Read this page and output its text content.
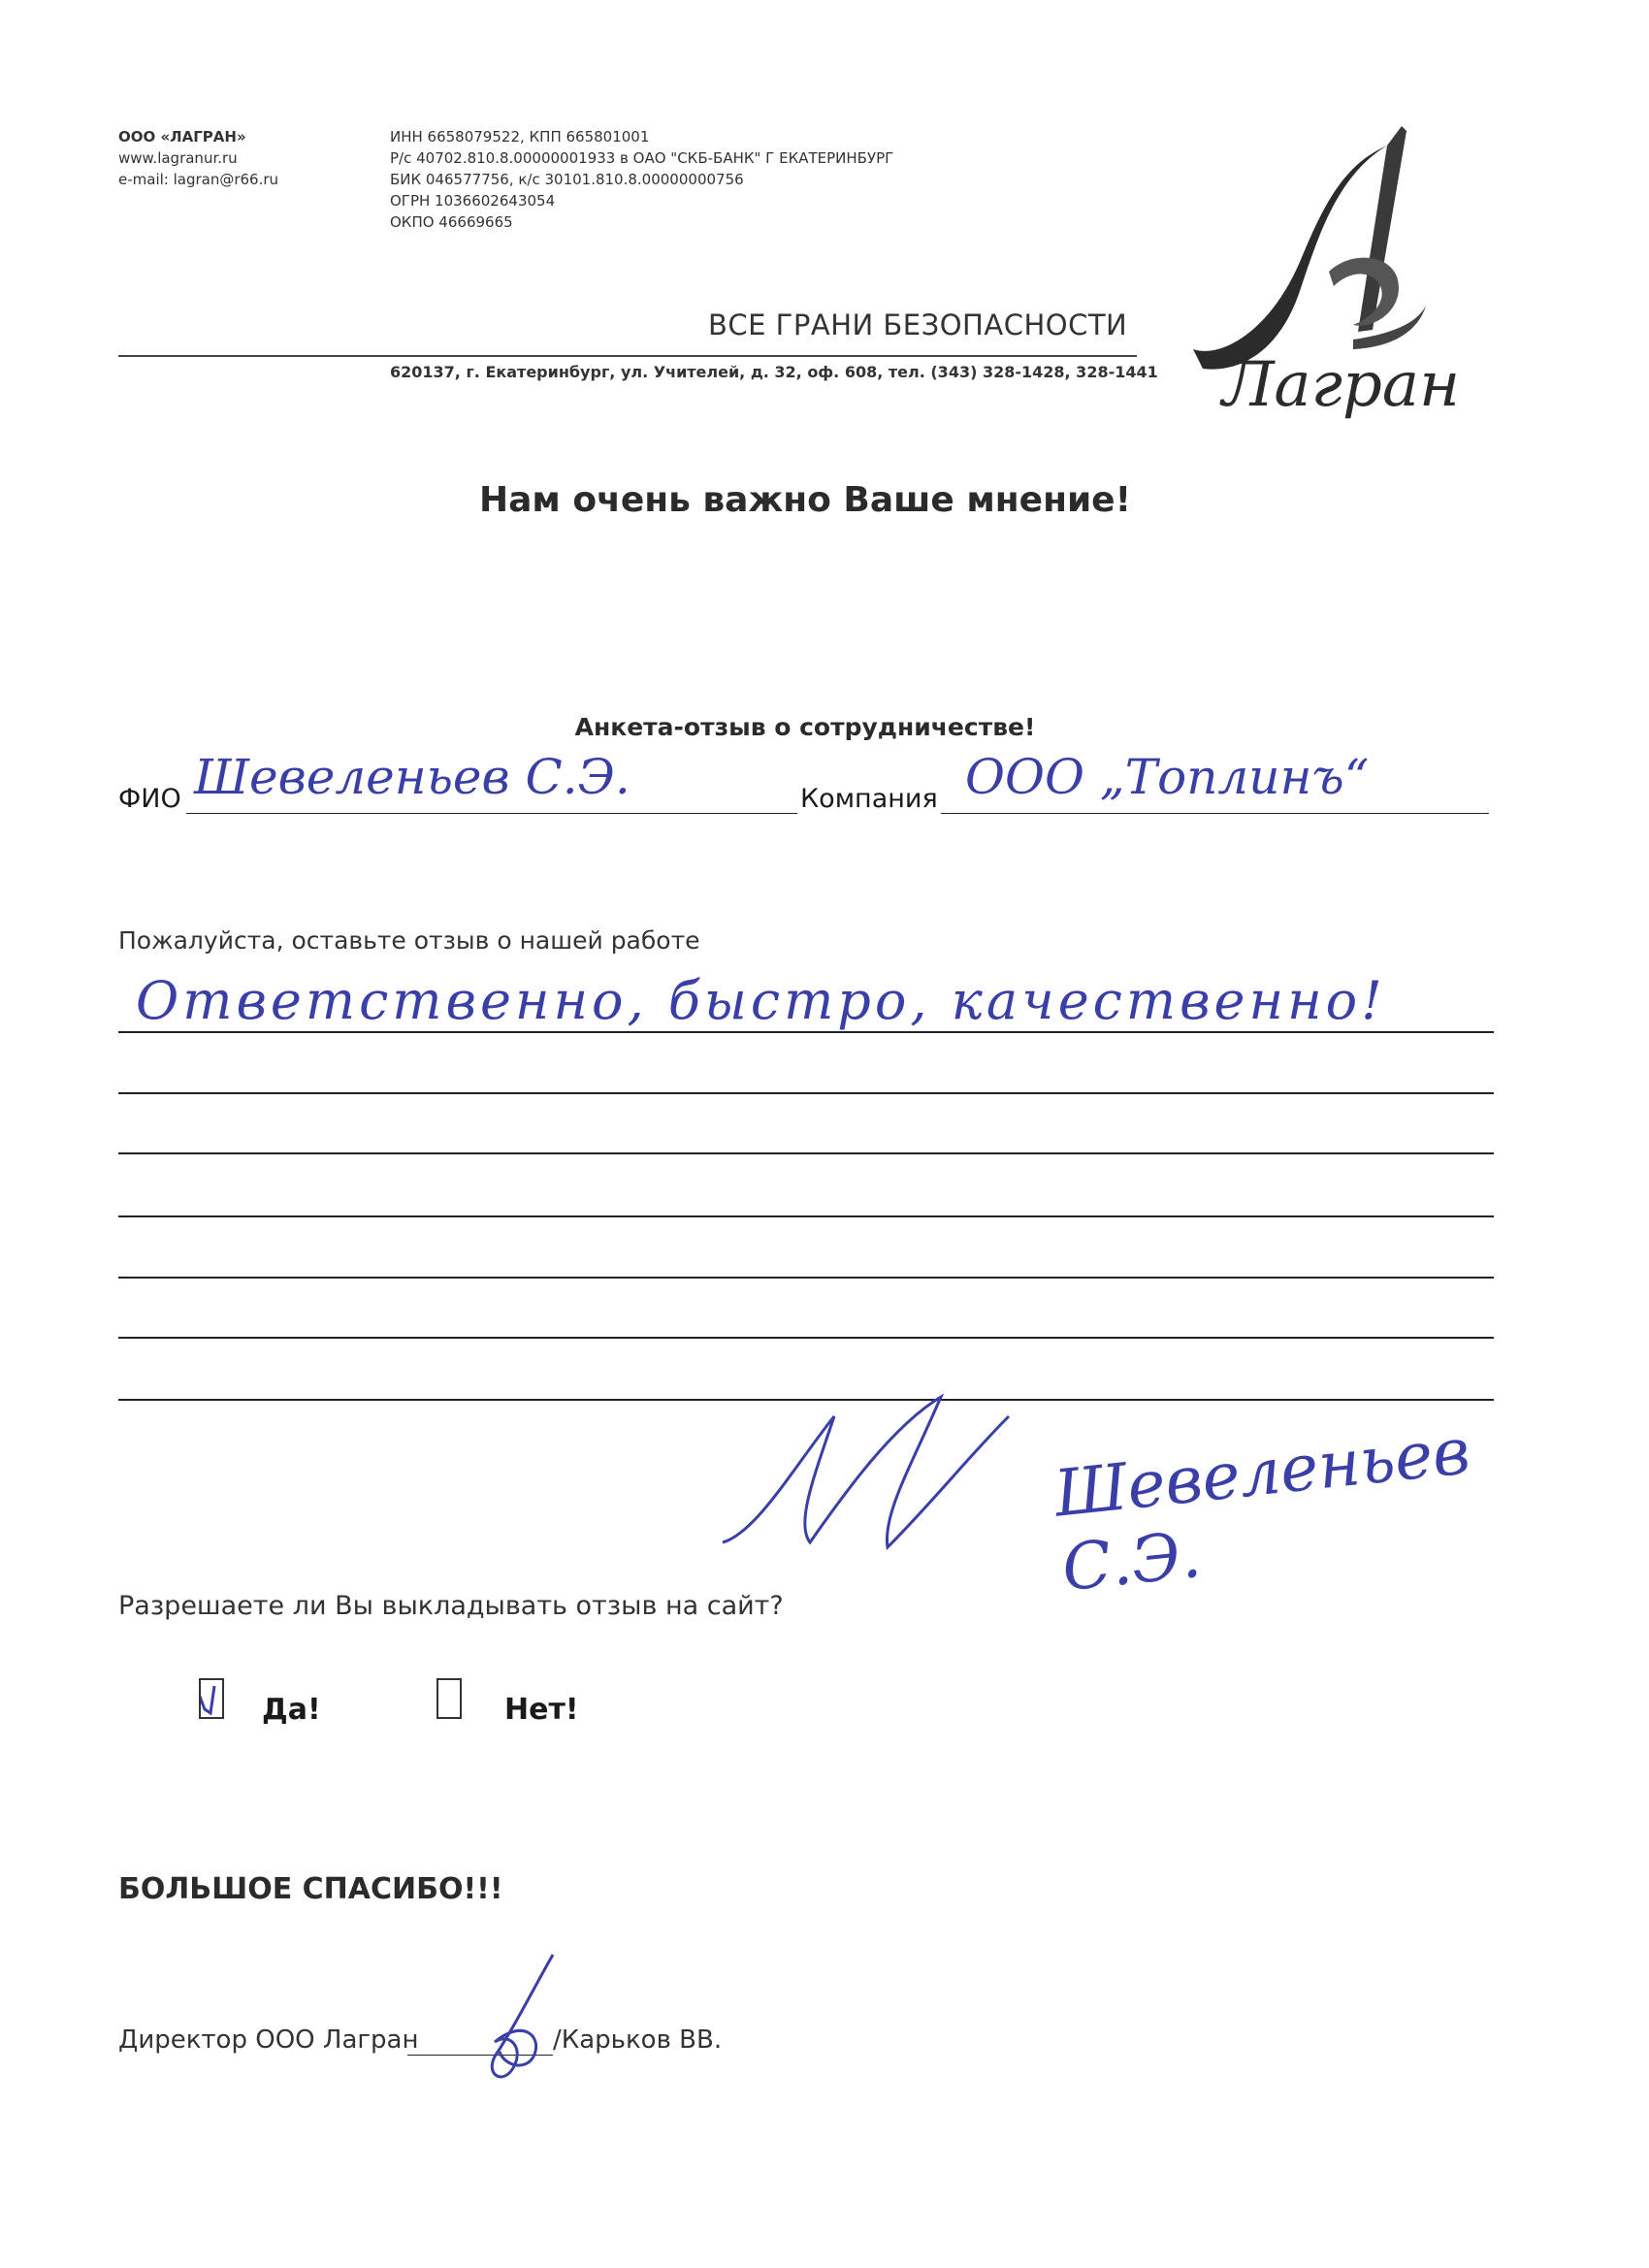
ООО «ЛАГРАН»
www.lagranur.ru
e-mail: lagran@r66.ru
ИНН 6658079522, КПП 665801001
Р/с 40702.810.8.00000001933 в ОАО "СКБ-БАНК" Г ЕКАТЕРИНБУРГ
БИК 046577756, к/с 30101.810.8.00000000756
ОГРН 1036602643054
ОКПО 46669665
ВСЕ ГРАНИ БЕЗОПАСНОСТИ
620137, г. Екатеринбург, ул. Учителей, д. 32, оф. 608, тел. (343) 328-1428, 328-1441 Лагран
Нам очень важно Ваше мнение!
Анкета-отзыв о сотрудничестве!
ФИО Шевеленьев С.Э.	Компания ООО „Топлинъ“
Пожалуйста, оставьте отзыв о нашей работе
Ответственно, быстро, качественно!
Шевеленьев С.Э.
Разрешаете ли Вы выкладывать отзыв на сайт?
Да!	Нет!
БОЛЬШОЕ СПАСИБО!!!
Директор ООО Лагран	/Карьков ВВ.
